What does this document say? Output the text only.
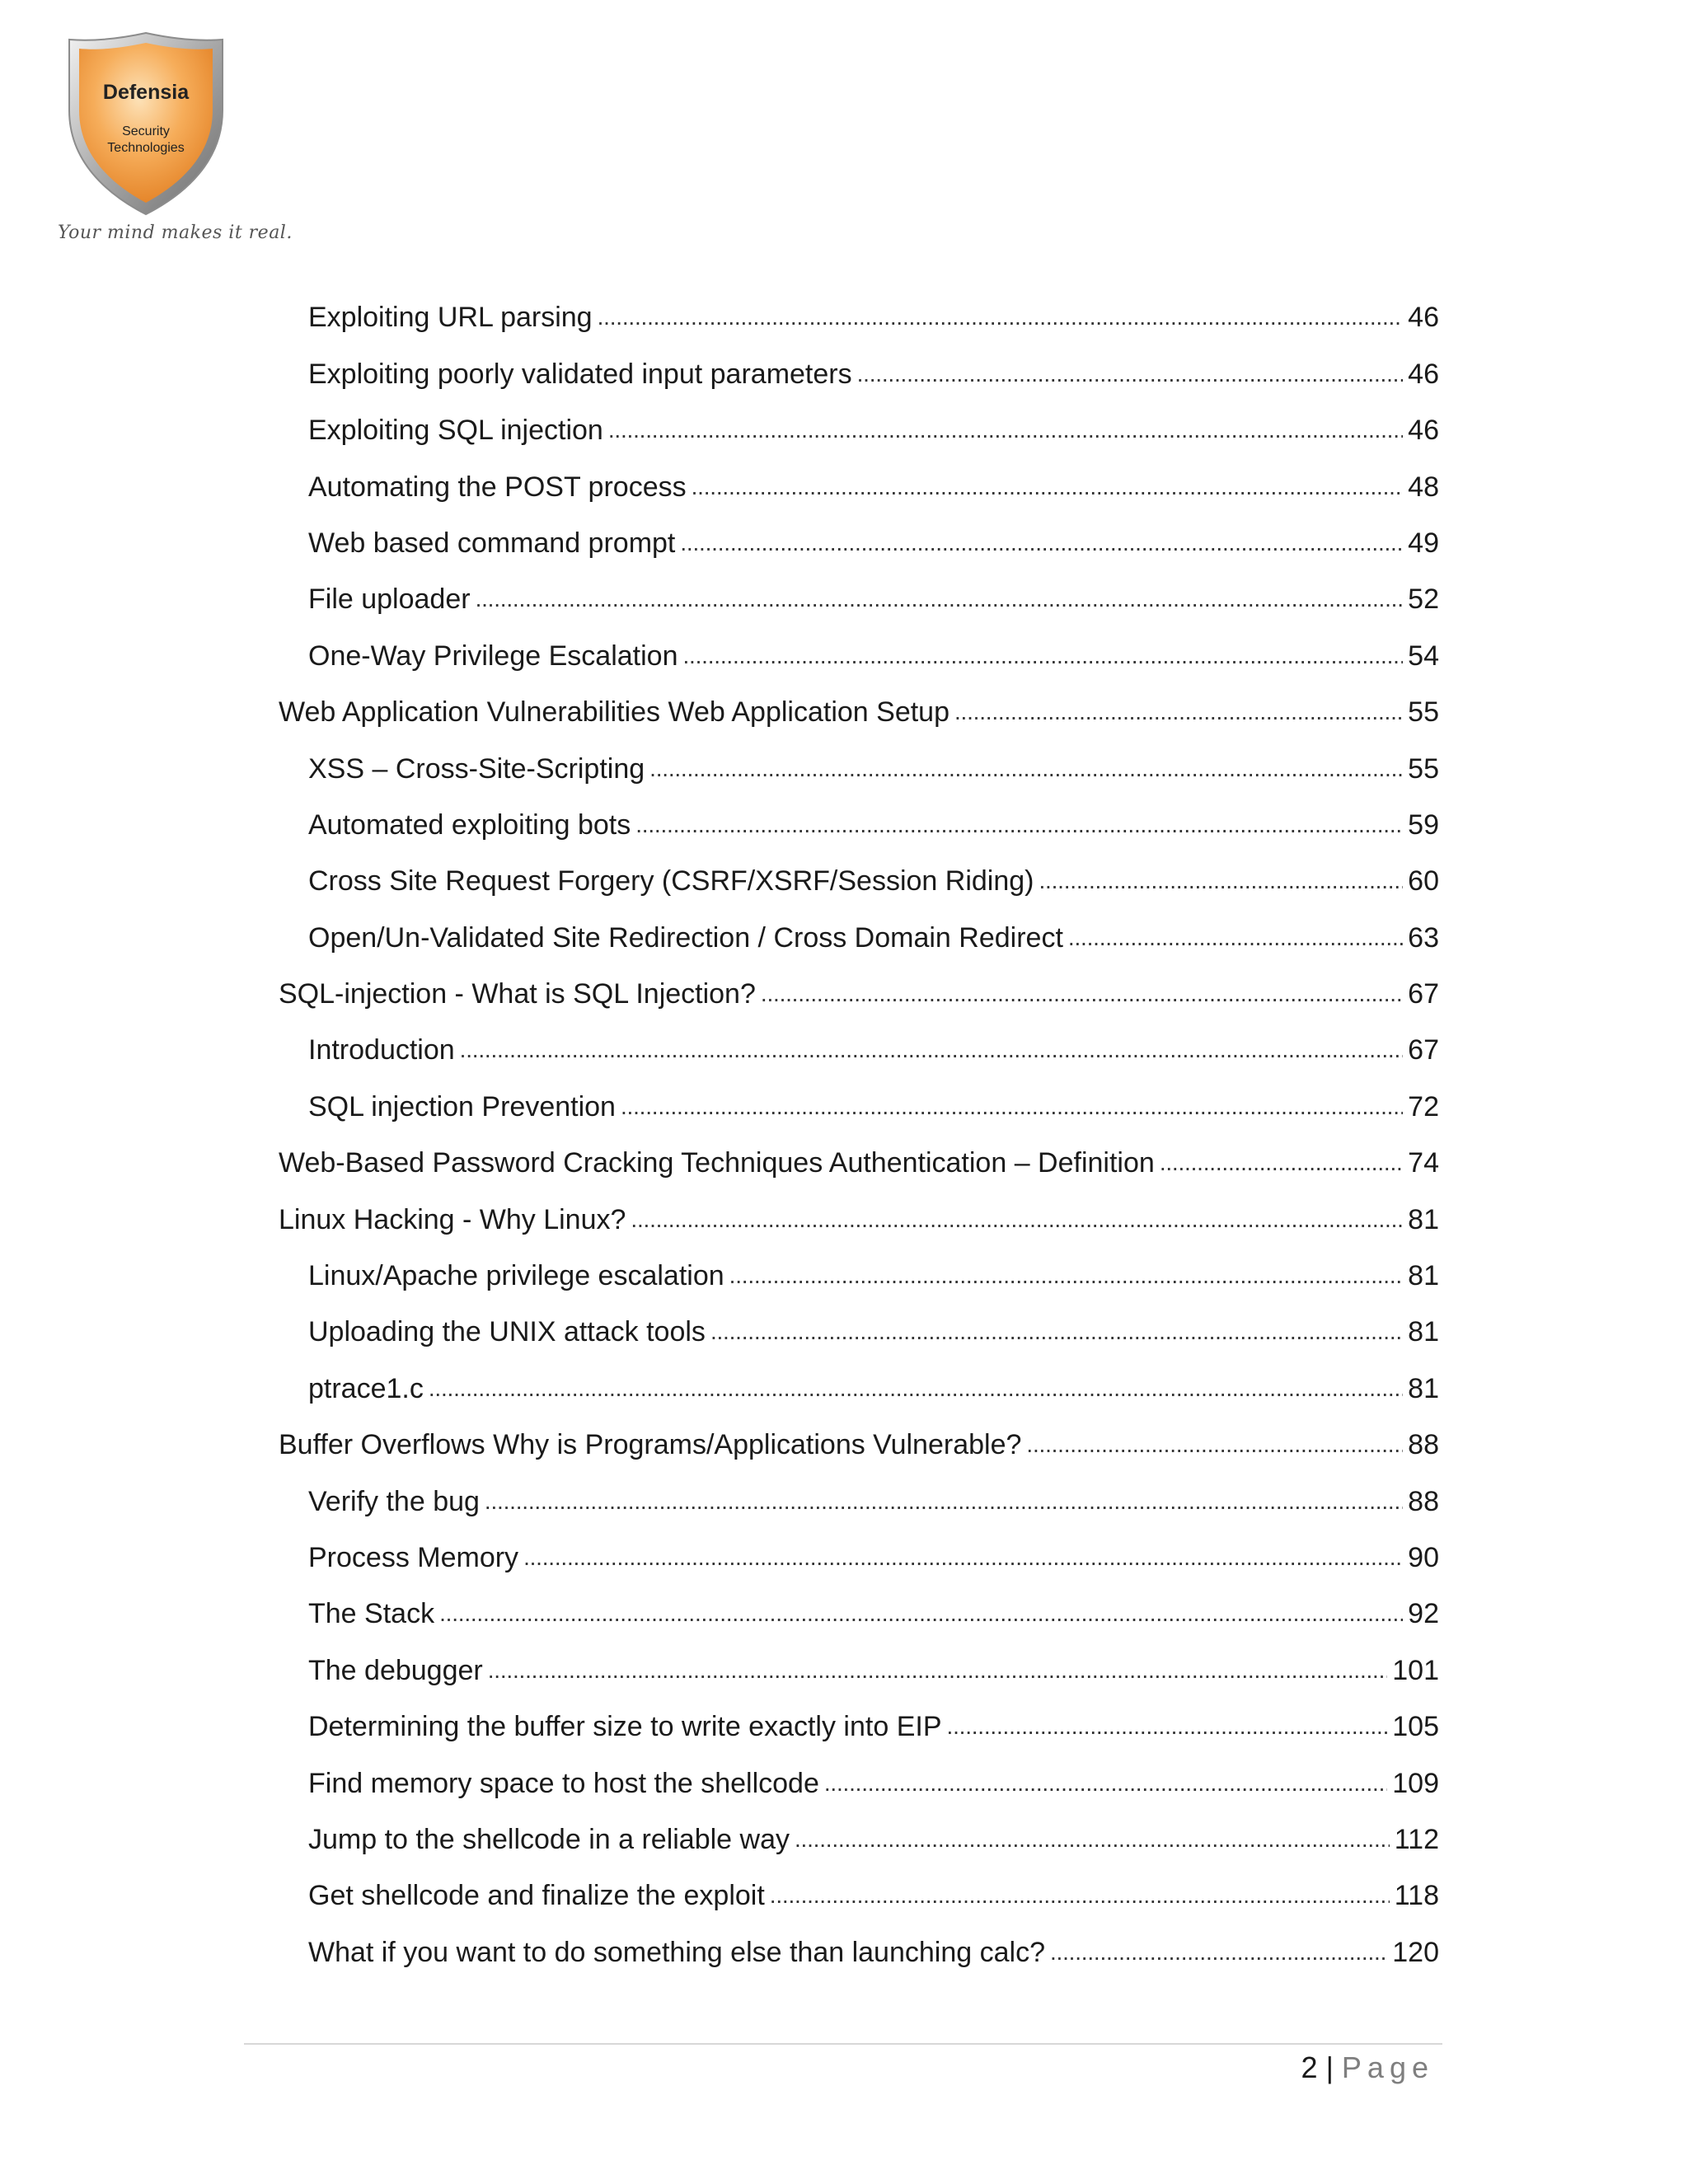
Defensia
Security
Technologies
Your mind makes it real.
Exploiting URL parsing . . .	46
Exploiting poorly validated input parameters . . .	46
Exploiting SQL injection . . .	46
Automating the POST process . . .	48
Web based command prompt . . .	49
File uploader . . .	52
One-Way Privilege Escalation . . .	54
Web Application Vulnerabilities Web Application Setup . . .	55
XSS – Cross-Site-Scripting . . .	55
Automated exploiting bots . . .	59
Cross Site Request Forgery (CSRF/XSRF/Session Riding) . . .	60
Open/Un-Validated Site Redirection / Cross Domain Redirect . . .	63
SQL-injection - What is SQL Injection? . . .	67
Introduction . . .	67
SQL injection Prevention . . .	72
Web-Based Password Cracking Techniques Authentication – Definition . . .	74
Linux Hacking - Why Linux? . . .	81
Linux/Apache privilege escalation . . .	81
Uploading the UNIX attack tools . . .	81
ptrace1.c . . .	81
Buffer Overflows Why is Programs/Applications Vulnerable? . . .	88
Verify the bug . . .	88
Process Memory . . .	90
The Stack . . .	92
The debugger . . .	101
Determining the buffer size to write exactly into EIP . . .	105
Find memory space to host the shellcode . . .	109
Jump to the shellcode in a reliable way . . .	112
Get shellcode and finalize the exploit . . .	118
What if you want to do something else than launching calc? . . .	120
2 | Page
